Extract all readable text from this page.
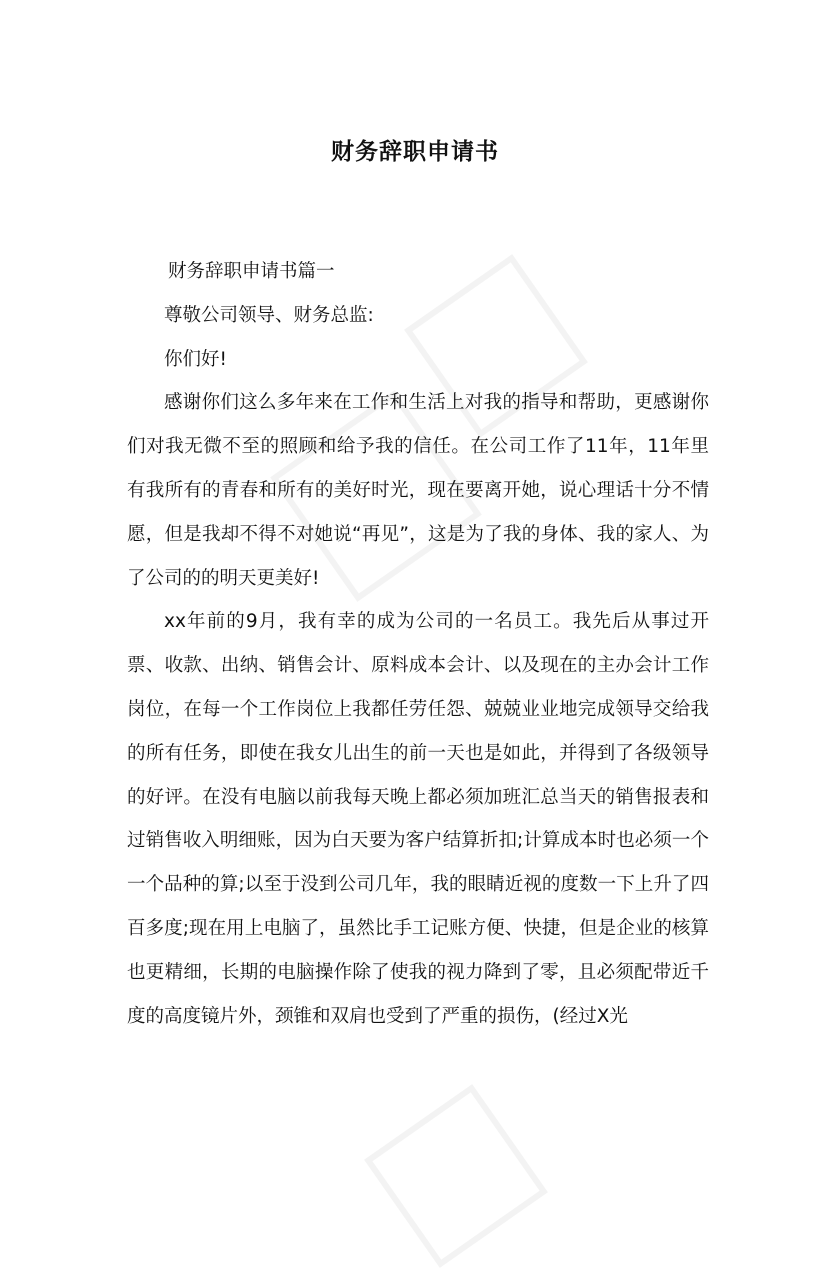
财务辞职申请书

财务辞职申请书篇一

尊敬公司领导、财务总监:

你们好!

感谢你们这么多年来在工作和生活上对我的指导和帮助，更感谢你们对我无微不至的照顾和给予我的信任。在公司工作了11年，11年里有我所有的青春和所有的美好时光，现在要离开她，说心理话十分不情愿，但是我却不得不对她说“再见”，这是为了我的身体、我的家人、为了公司的的明天更美好!

xx年前的9月，我有幸的成为公司的一名员工。我先后从事过开票、收款、出纳、销售会计、原料成本会计、以及现在的主办会计工作岗位，在每一个工作岗位上我都任劳任怨、兢兢业业地完成领导交给我的所有任务，即使在我女儿出生的前一天也是如此，并得到了各级领导的好评。在没有电脑以前我每天晚上都必须加班汇总当天的销售报表和过销售收入明细账，因为白天要为客户结算折扣;计算成本时也必须一个一个品种的算;以至于没到公司几年，我的眼睛近视的度数一下上升了四百多度;现在用上电脑了，虽然比手工记账方便、快捷，但是企业的核算也更精细，长期的电脑操作除了使我的视力降到了零，且必须配带近千度的高度镜片外，颈锥和双肩也受到了严重的损伤，(经过X光
